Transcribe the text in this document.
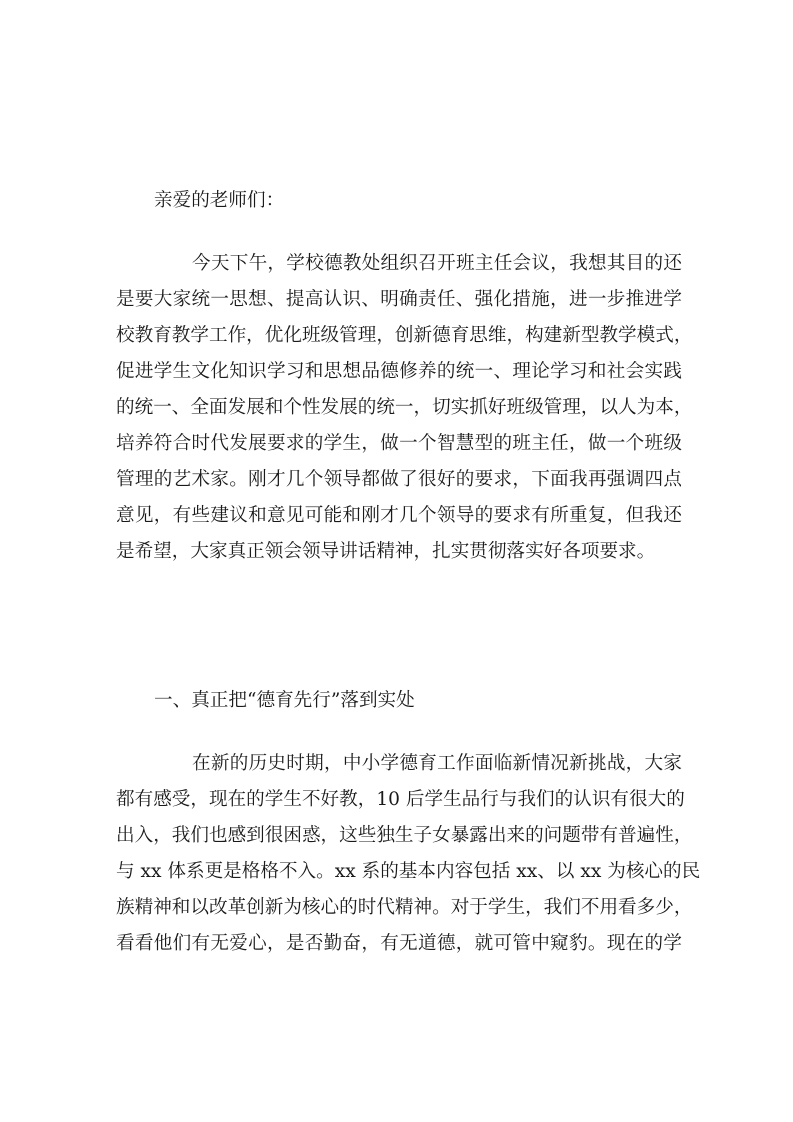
亲爱的老师们：
今天下午，学校德教处组织召开班主任会议，我想其目的还
是要大家统一思想、提高认识、明确责任、强化措施，进一步推进学
校教育教学工作，优化班级管理，创新德育思维，构建新型教学模式，
促进学生文化知识学习和思想品德修养的统一、理论学习和社会实践
的统一、全面发展和个性发展的统一，切实抓好班级管理，以人为本，
培养符合时代发展要求的学生，做一个智慧型的班主任，做一个班级
管理的艺术家。刚才几个领导都做了很好的要求，下面我再强调四点
意见，有些建议和意见可能和刚才几个领导的要求有所重复，但我还
是希望，大家真正领会领导讲话精神，扎实贯彻落实好各项要求。
一、真正把“德育先行”落到实处
在新的历史时期，中小学德育工作面临新情况新挑战，大家
都有感受，现在的学生不好教，10 后学生品行与我们的认识有很大的
出入，我们也感到很困惑，这些独生子女暴露出来的问题带有普遍性，
与 xx 体系更是格格不入。xx 系的基本内容包括 xx、以 xx 为核心的民
族精神和以改革创新为核心的时代精神。对于学生，我们不用看多少，
看看他们有无爱心，是否勤奋，有无道德，就可管中窥豹。现在的学
